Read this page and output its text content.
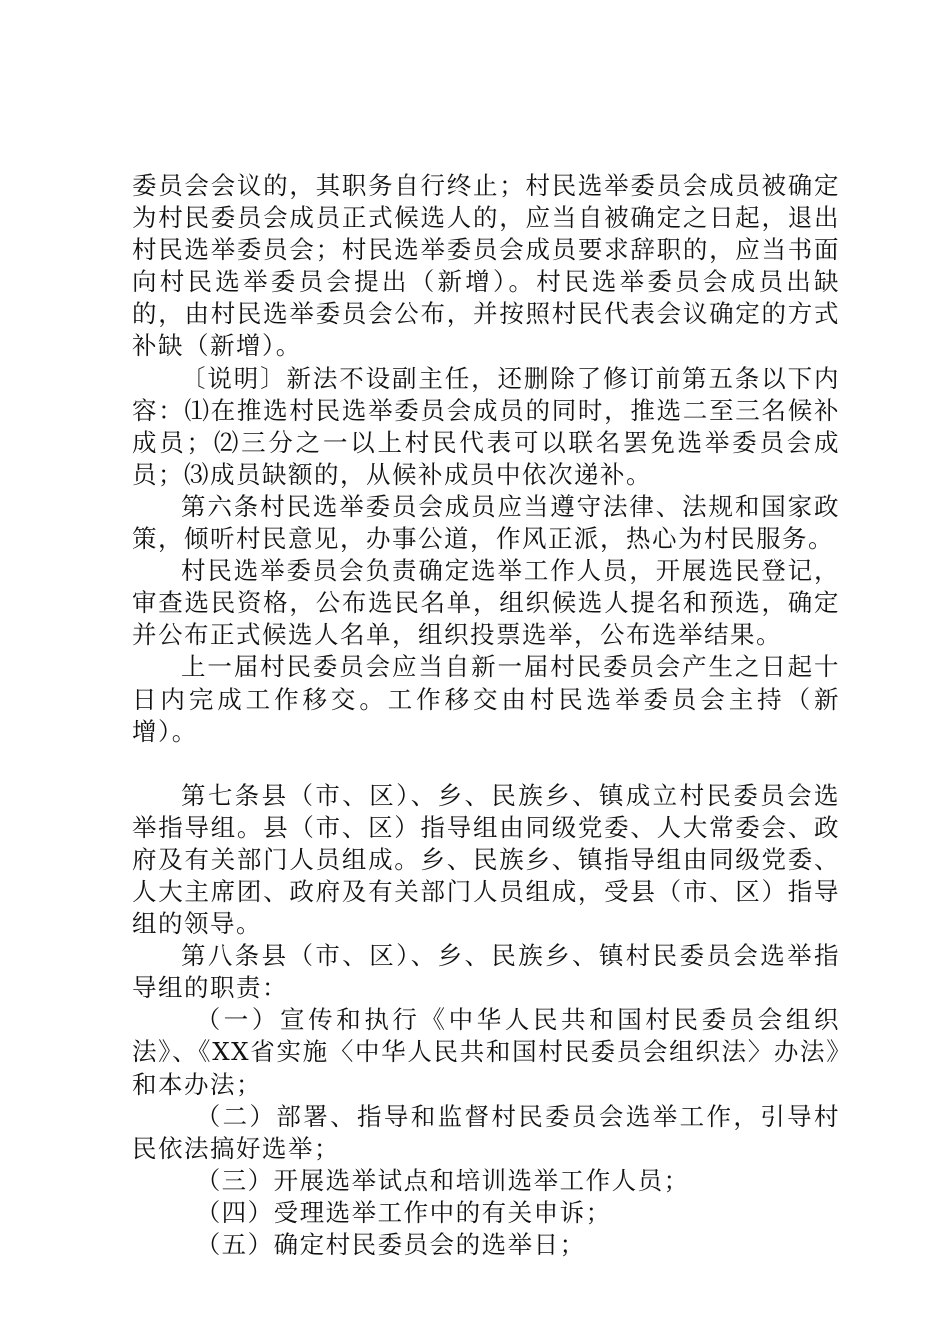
委员会会议的，其职务自行终止；村民选举委员会成员被确定为村民委员会成员正式候选人的，应当自被确定之日起，退出村民选举委员会；村民选举委员会成员要求辞职的，应当书面向村民选举委员会提出（新增）。村民选举委员会成员出缺的，由村民选举委员会公布，并按照村民代表会议确定的方式补缺（新增）。

〔说明〕新法不设副主任，还删除了修订前第五条以下内容：⑴在推选村民选举委员会成员的同时，推选二至三名候补成员；⑵三分之一以上村民代表可以联名罢免选举委员会成员；⑶成员缺额的，从候补成员中依次递补。

第六条村民选举委员会成员应当遵守法律、法规和国家政策，倾听村民意见，办事公道，作风正派，热心为村民服务。

村民选举委员会负责确定选举工作人员，开展选民登记，审查选民资格，公布选民名单，组织候选人提名和预选，确定并公布正式候选人名单，组织投票选举，公布选举结果。

上一届村民委员会应当自新一届村民委员会产生之日起十日内完成工作移交。工作移交由村民选举委员会主持（新增）。

第七条县（市、区）、乡、民族乡、镇成立村民委员会选举指导组。县（市、区）指导组由同级党委、人大常委会、政府及有关部门人员组成。乡、民族乡、镇指导组由同级党委、人大主席团、政府及有关部门人员组成，受县（市、区）指导组的领导。

第八条县（市、区）、乡、民族乡、镇村民委员会选举指导组的职责：

（一）宣传和执行《中华人民共和国村民委员会组织法》、《XX省实施〈中华人民共和国村民委员会组织法〉办法》和本办法；

（二）部署、指导和监督村民委员会选举工作，引导村民依法搞好选举；

（三）开展选举试点和培训选举工作人员；

（四）受理选举工作中的有关申诉；

（五）确定村民委员会的选举日；
